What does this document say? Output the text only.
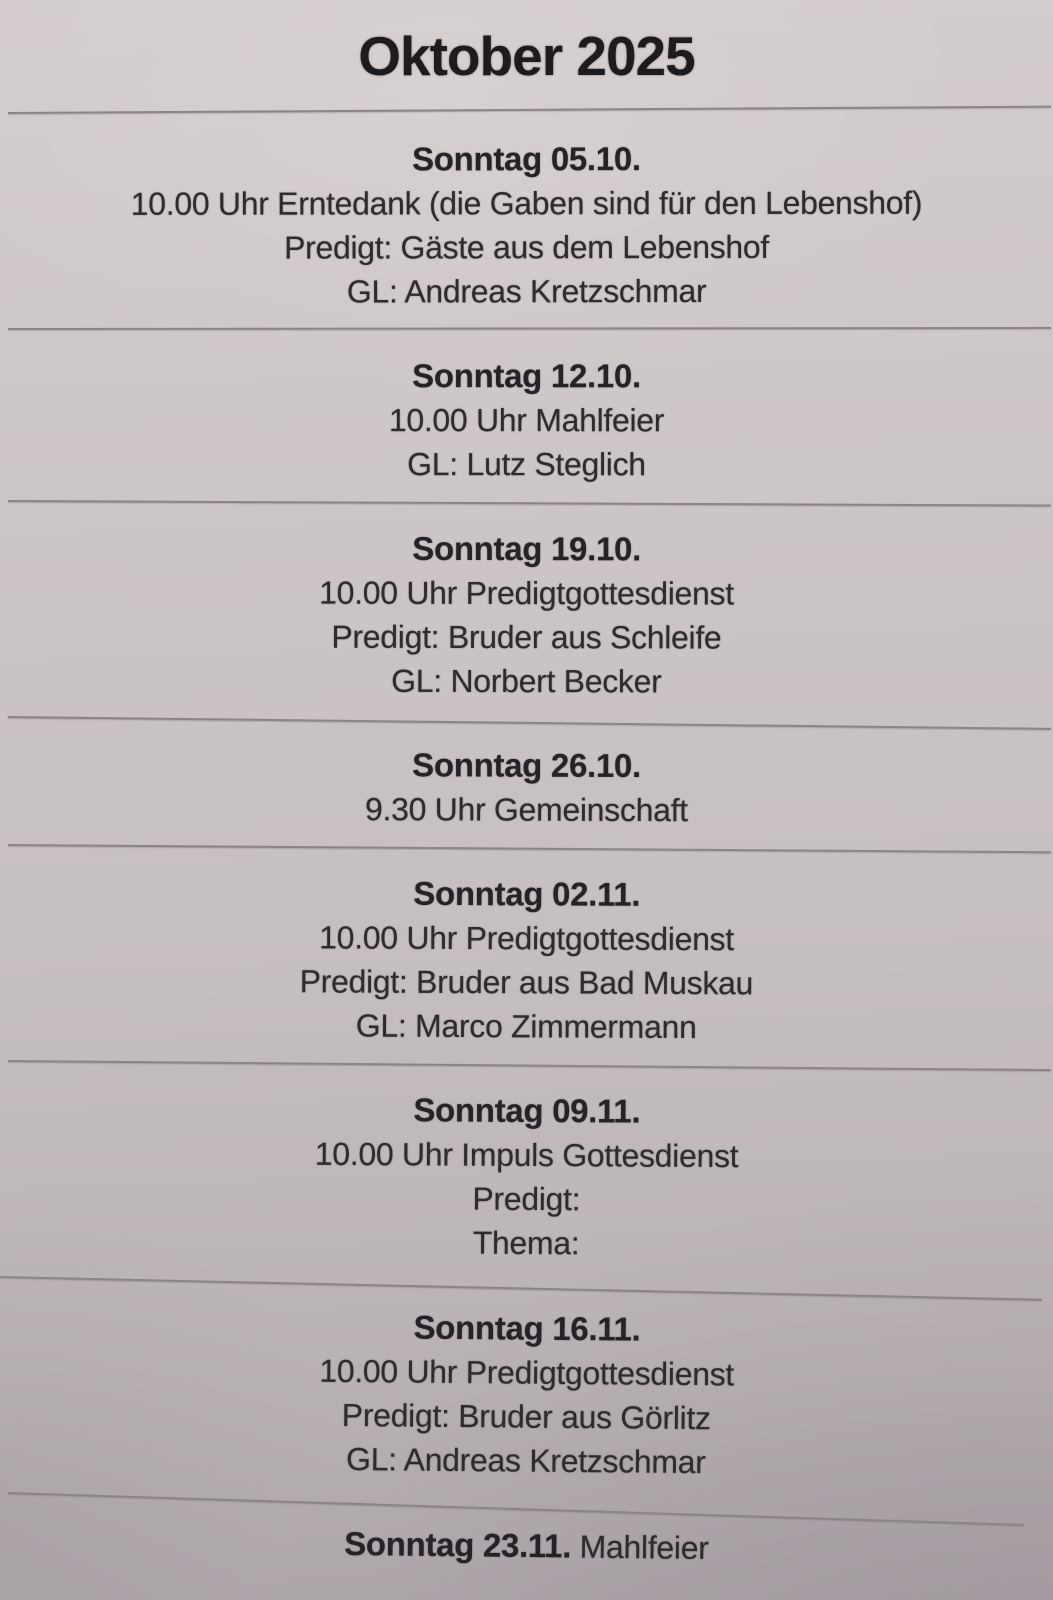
Oktober 2025

Sonntag 05.10.

10.00 Uhr Erntedank (die Gaben sind für den Lebenshof)

Predigt: Gäste aus dem Lebenshof

GL: Andreas Kretzschmar

Sonntag 12.10.

10.00 Uhr Mahlfeier

GL: Lutz Steglich

Sonntag 19.10.

10.00 Uhr Predigtgottesdienst

Predigt: Bruder aus Schleife

GL: Norbert Becker

Sonntag 26.10.

9.30 Uhr Gemeinschaft

Sonntag 02.11.

10.00 Uhr Predigtgottesdienst

Predigt: Bruder aus Bad Muskau

GL: Marco Zimmermann

Sonntag 09.11.

10.00 Uhr Impuls Gottesdienst

Predigt:

Thema:

Sonntag 16.11.

10.00 Uhr Predigtgottesdienst

Predigt: Bruder aus Görlitz

GL: Andreas Kretzschmar

Sonntag 23.11. Mahlfeier
